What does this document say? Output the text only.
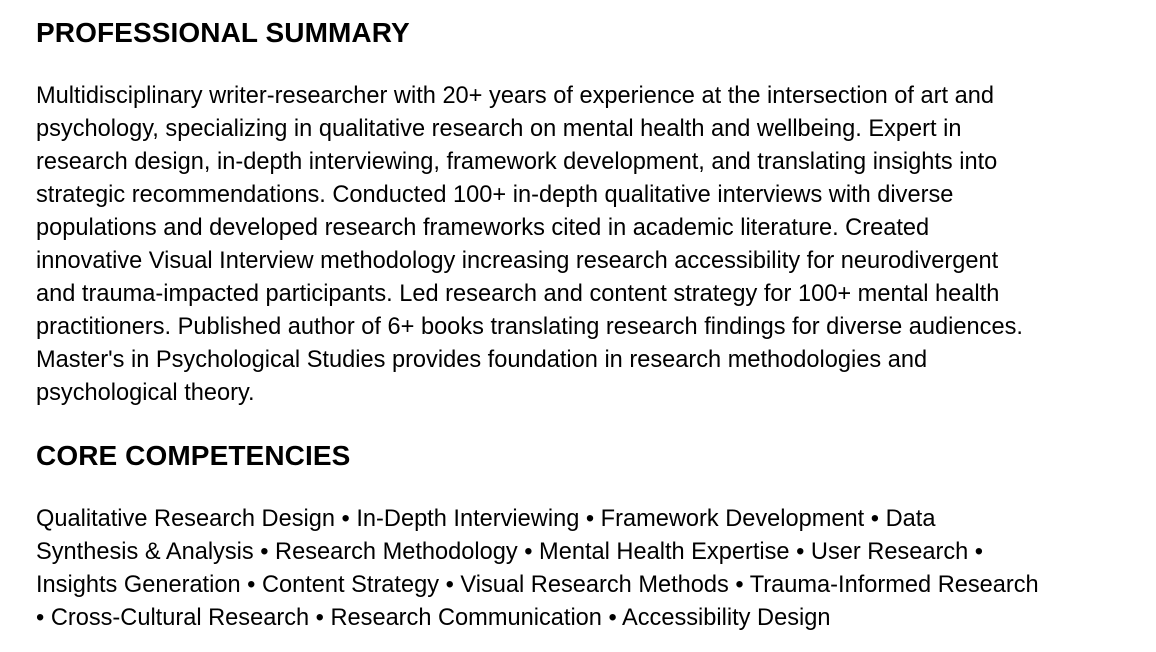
PROFESSIONAL SUMMARY
Multidisciplinary writer-researcher with 20+ years of experience at the intersection of art and
psychology, specializing in qualitative research on mental health and wellbeing. Expert in
research design, in-depth interviewing, framework development, and translating insights into
strategic recommendations. Conducted 100+ in-depth qualitative interviews with diverse
populations and developed research frameworks cited in academic literature. Created
innovative Visual Interview methodology increasing research accessibility for neurodivergent
and trauma-impacted participants. Led research and content strategy for 100+ mental health
practitioners. Published author of 6+ books translating research findings for diverse audiences.
Master's in Psychological Studies provides foundation in research methodologies and
psychological theory.
CORE COMPETENCIES
Qualitative Research Design • In-Depth Interviewing • Framework Development • Data
Synthesis & Analysis • Research Methodology • Mental Health Expertise • User Research •
Insights Generation • Content Strategy • Visual Research Methods • Trauma-Informed Research
• Cross-Cultural Research • Research Communication • Accessibility Design
